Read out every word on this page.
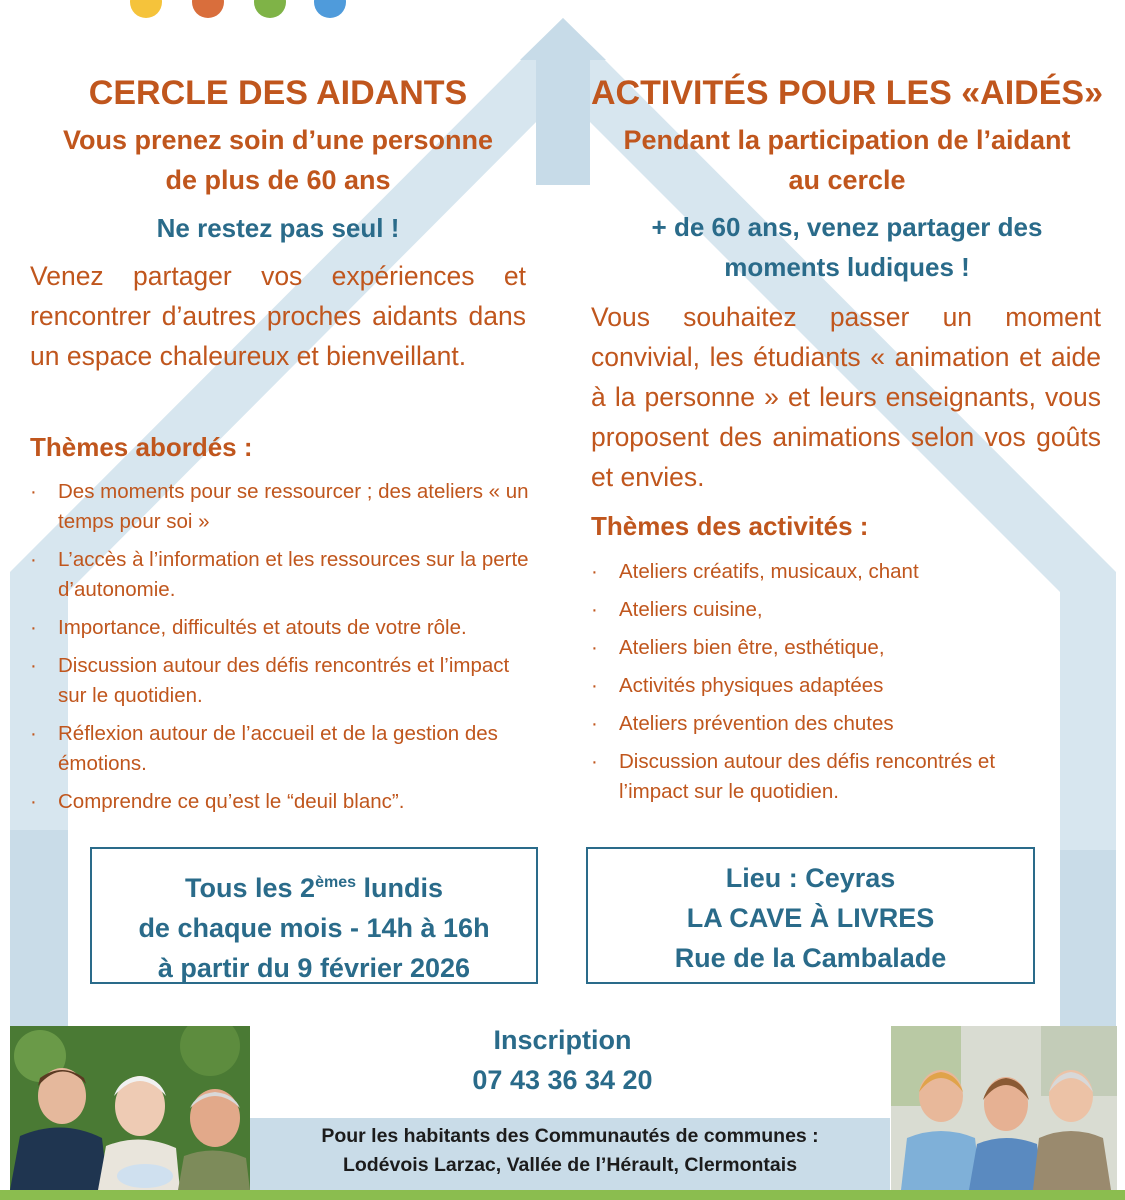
CERCLE DES AIDANTS
Vous prenez soin d’une personne
de plus de 60 ans
Ne restez pas seul !
Venez partager vos expériences et rencontrer d’autres proches aidants dans un espace chaleureux et bienveillant.
Thèmes abordés :
· Des moments pour se ressourcer ; des ateliers « un temps pour soi »
· L’accès à l’information et les ressources sur la perte d’autonomie.
· Importance, difficultés et atouts de votre rôle.
· Discussion autour des défis rencontrés et l’impact sur le quotidien.
· Réflexion autour de l’accueil et de la gestion des émotions.
· Comprendre ce qu’est le “deuil blanc”.
ACTIVITÉS POUR LES «AIDÉS»
Pendant la participation de l’aidant
au cercle
+ de 60 ans, venez partager des
moments ludiques !
Vous souhaitez passer un moment convivial, les étudiants « animation et aide à la personne » et leurs enseignants, vous proposent des animations selon vos goûts et envies.
Thèmes des activités :
· Ateliers créatifs, musicaux, chant
· Ateliers cuisine,
· Ateliers bien être, esthétique,
· Activités physiques adaptées
· Ateliers prévention des chutes
· Discussion autour des défis rencontrés et l’impact sur le quotidien.
Tous les 2èmes lundis
de chaque mois - 14h à 16h
à partir du 9 février 2026
Lieu : Ceyras
LA CAVE À LIVRES
Rue de la Cambalade
Inscription
07 43 36 34 20
Pour les habitants des Communautés de communes :
Lodévois Larzac, Vallée de l’Hérault, Clermontais
